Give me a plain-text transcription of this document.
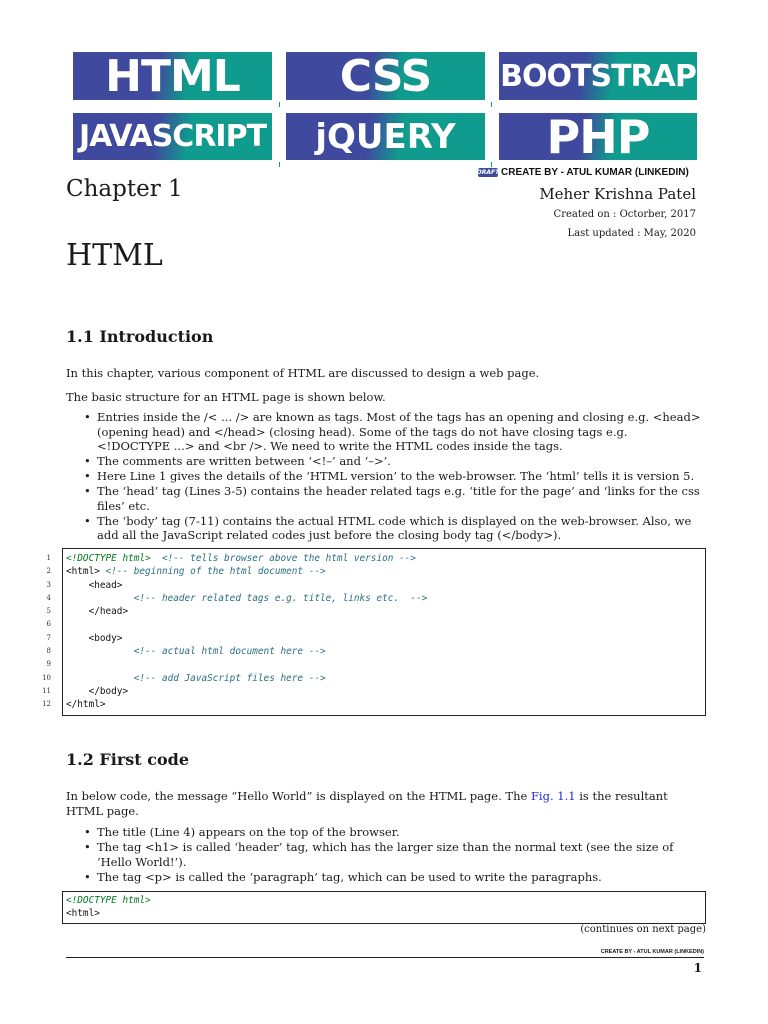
HTML CSS BOOTSTRAP
JAVASCRIPT jQUERY PHP
DRAFT CREATE BY - ATUL KUMAR (LINKEDIN)
Chapter 1	Meher Krishna Patel
Created on : Octorber, 2017
Last updated : May, 2020
HTML
1.1 Introduction
In this chapter, various component of HTML are discussed to design a web page.
The basic structure for an HTML page is shown below.
• Entries inside the /< ... /> are known as tags. Most of the tags has an opening and closing e.g. <head> (opening head) and </head> (closing head). Some of the tags do not have closing tags e.g. <!DOCTYPE ...> and <br />. We need to write the HTML codes inside the tags.
• The comments are written between ‘<!–’ and ‘–>’.
• Here Line 1 gives the details of the ‘HTML version’ to the web-browser. The ‘html’ tells it is version 5.
• The ‘head’ tag (Lines 3-5) contains the header related tags e.g. ‘title for the page’ and ‘links for the css files’ etc.
• The ‘body’ tag (7-11) contains the actual HTML code which is displayed on the web-browser. Also, we add all the JavaScript related codes just before the closing body tag (</body>).
1 <!DOCTYPE html>  <!-- tells browser above the html version -->
2 <html> <!-- beginning of the html document -->
3	<head>
4	<!-- header related tags e.g. title, links etc.  -->
5	</head>
6
7	<body>
8	<!-- actual html document here -->
9
10	<!-- add JavaScript files here -->
11	</body>
12 </html>
1.2 First code
In below code, the message “Hello World” is displayed on the HTML page. The Fig. 1.1 is the resultant HTML page.
• The title (Line 4) appears on the top of the browser.
• The tag <h1> is called ‘header’ tag, which has the larger size than the normal text (see the size of ‘Hello World!’).
• The tag <p> is called the ‘paragraph’ tag, which can be used to write the paragraphs.
<!DOCTYPE html>
<html>
(continues on next page)
CREATE BY - ATUL KUMAR (LINKEDIN)
1
